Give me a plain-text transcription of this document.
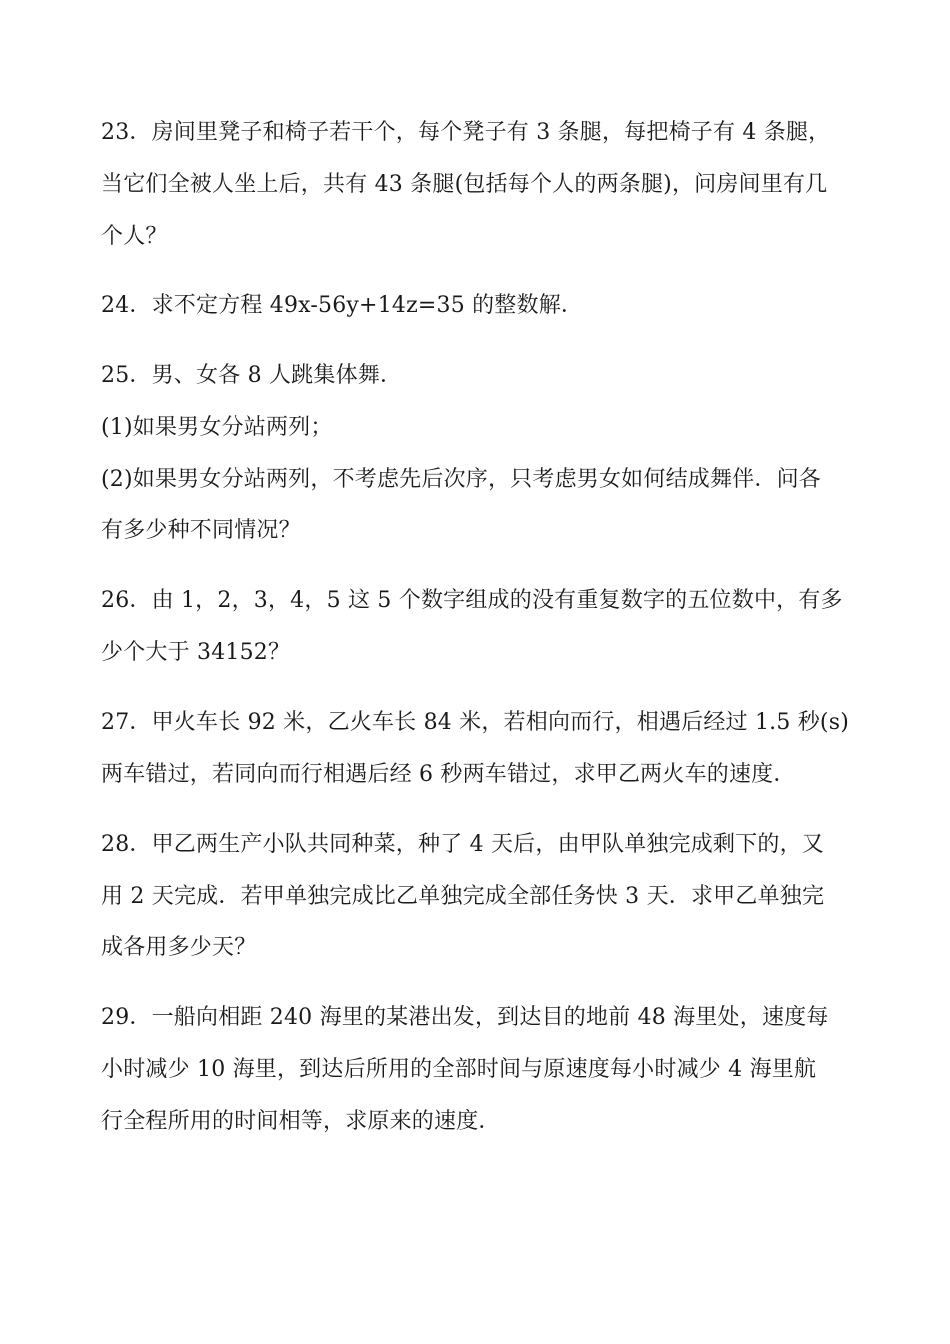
23．房间里凳子和椅子若干个，每个凳子有 3 条腿，每把椅子有 4 条腿，
当它们全被人坐上后，共有 43 条腿(包括每个人的两条腿)，问房间里有几
个人？
24．求不定方程 49x-56y+14z=35 的整数解．
25．男、女各 8 人跳集体舞．
(1)如果男女分站两列；
(2)如果男女分站两列，不考虑先后次序，只考虑男女如何结成舞伴．问各
有多少种不同情况？
26．由 1，2，3，4，5 这 5 个数字组成的没有重复数字的五位数中，有多
少个大于 34152？
27．甲火车长 92 米，乙火车长 84 米，若相向而行，相遇后经过 1.5 秒(s)
两车错过，若同向而行相遇后经 6 秒两车错过，求甲乙两火车的速度．
28．甲乙两生产小队共同种菜，种了 4 天后，由甲队单独完成剩下的，又
用 2 天完成．若甲单独完成比乙单独完成全部任务快 3 天．求甲乙单独完
成各用多少天？
29．一船向相距 240 海里的某港出发，到达目的地前 48 海里处，速度每
小时减少 10 海里，到达后所用的全部时间与原速度每小时减少 4 海里航
行全程所用的时间相等，求原来的速度．
